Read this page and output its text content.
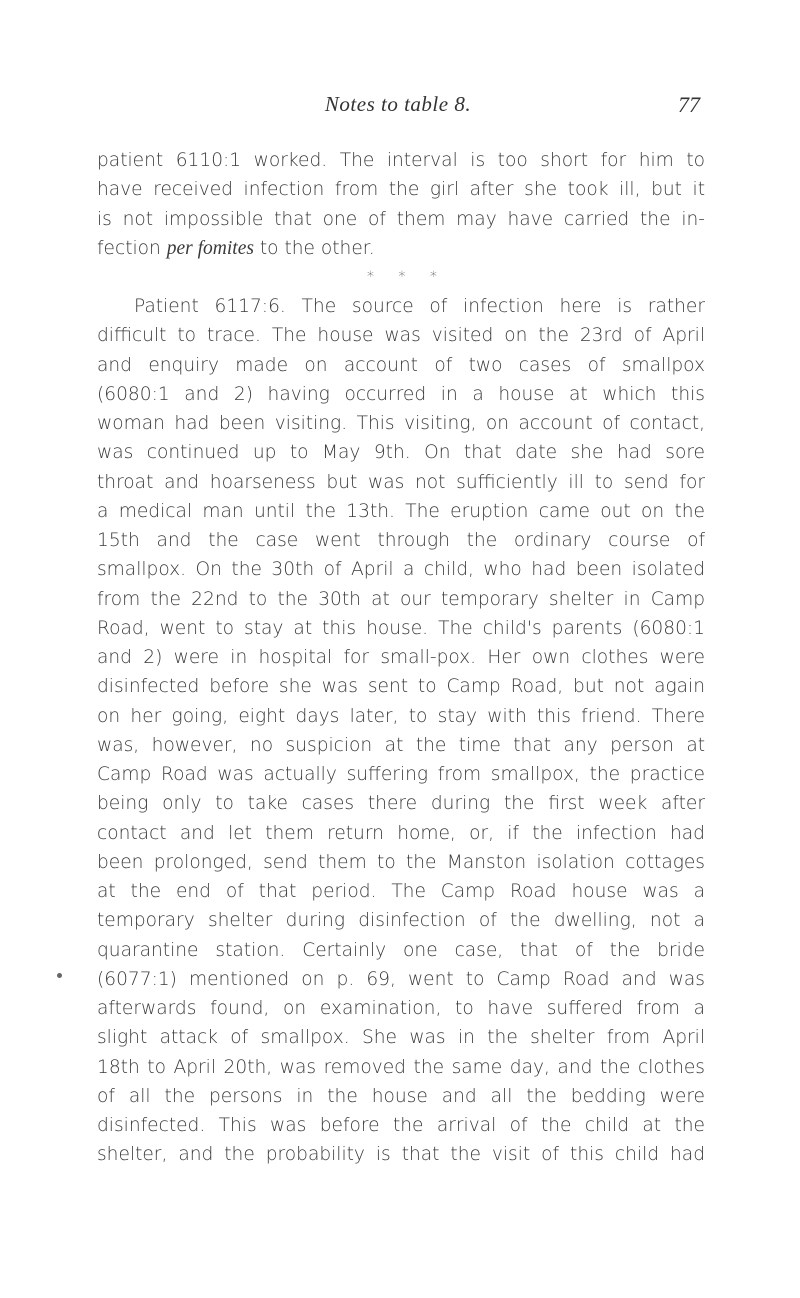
Notes to table 8.	77
patient 6110:1 worked. The interval is too short for him to
have received infection from the girl after she took ill, but it
is not impossible that one of them may have carried the in-
fection per fomites to the other.
* * *
Patient 6117:6. The source of infection here is rather
difficult to trace. The house was visited on the 23rd of April
and enquiry made on account of two cases of smallpox
(6080:1 and 2) having occurred in a house at which this
woman had been visiting. This visiting, on account of contact,
was continued up to May 9th. On that date she had sore
throat and hoarseness but was not sufficiently ill to send for
a medical man until the 13th. The eruption came out on the
15th and the case went through the ordinary course of
smallpox. On the 30th of April a child, who had been isolated
from the 22nd to the 30th at our temporary shelter in Camp
Road, went to stay at this house. The child's parents (6080:1
and 2) were in hospital for small-pox. Her own clothes were
disinfected before she was sent to Camp Road, but not again
on her going, eight days later, to stay with this friend. There
was, however, no suspicion at the time that any person at
Camp Road was actually suffering from smallpox, the practice
being only to take cases there during the first week after
contact and let them return home, or, if the infection had
been prolonged, send them to the Manston isolation cottages
at the end of that period. The Camp Road house was a
temporary shelter during disinfection of the dwelling, not a
quarantine station. Certainly one case, that of the bride
(6077:1) mentioned on p. 69, went to Camp Road and was
afterwards found, on examination, to have suffered from a
slight attack of smallpox. She was in the shelter from April
18th to April 20th, was removed the same day, and the clothes
of all the persons in the house and all the bedding were
disinfected. This was before the arrival of the child at the
shelter, and the probability is that the visit of this child had
